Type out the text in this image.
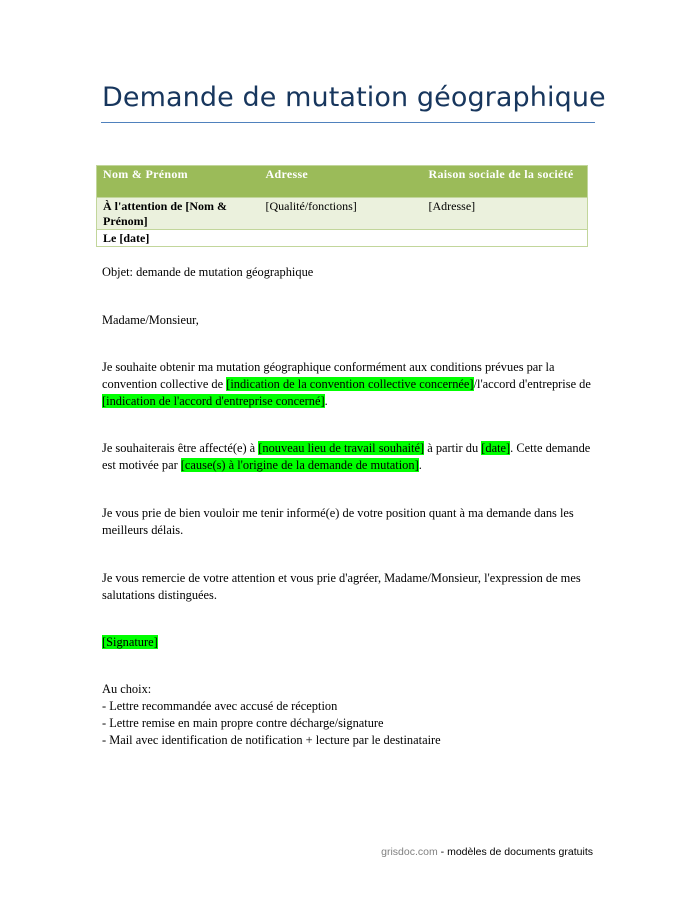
Demande de mutation géographique
Nom & Prénom	Adresse	Raison sociale de la société
À l'attention de [Nom & Prénom]	[Qualité/fonctions]	[Adresse]
Le [date]		
Objet: demande de mutation géographique
Madame/Monsieur,
Je souhaite obtenir ma mutation géographique conformément aux conditions prévues par la convention collective de [indication de la convention collective concernée]/l'accord d'entreprise de [indication de l'accord d'entreprise concerné].
Je souhaiterais être affecté(e) à [nouveau lieu de travail souhaité] à partir du [date]. Cette demande est motivée par [cause(s) à l'origine de la demande de mutation].
Je vous prie de bien vouloir me tenir informé(e) de votre position quant à ma demande dans les meilleurs délais.
Je vous remercie de votre attention et vous prie d'agréer, Madame/Monsieur, l'expression de mes salutations distinguées.
[Signature]
Au choix:
- Lettre recommandée avec accusé de réception
- Lettre remise en main propre contre décharge/signature
- Mail avec identification de notification + lecture par le destinataire
grisdoc.com - modèles de documents gratuits
